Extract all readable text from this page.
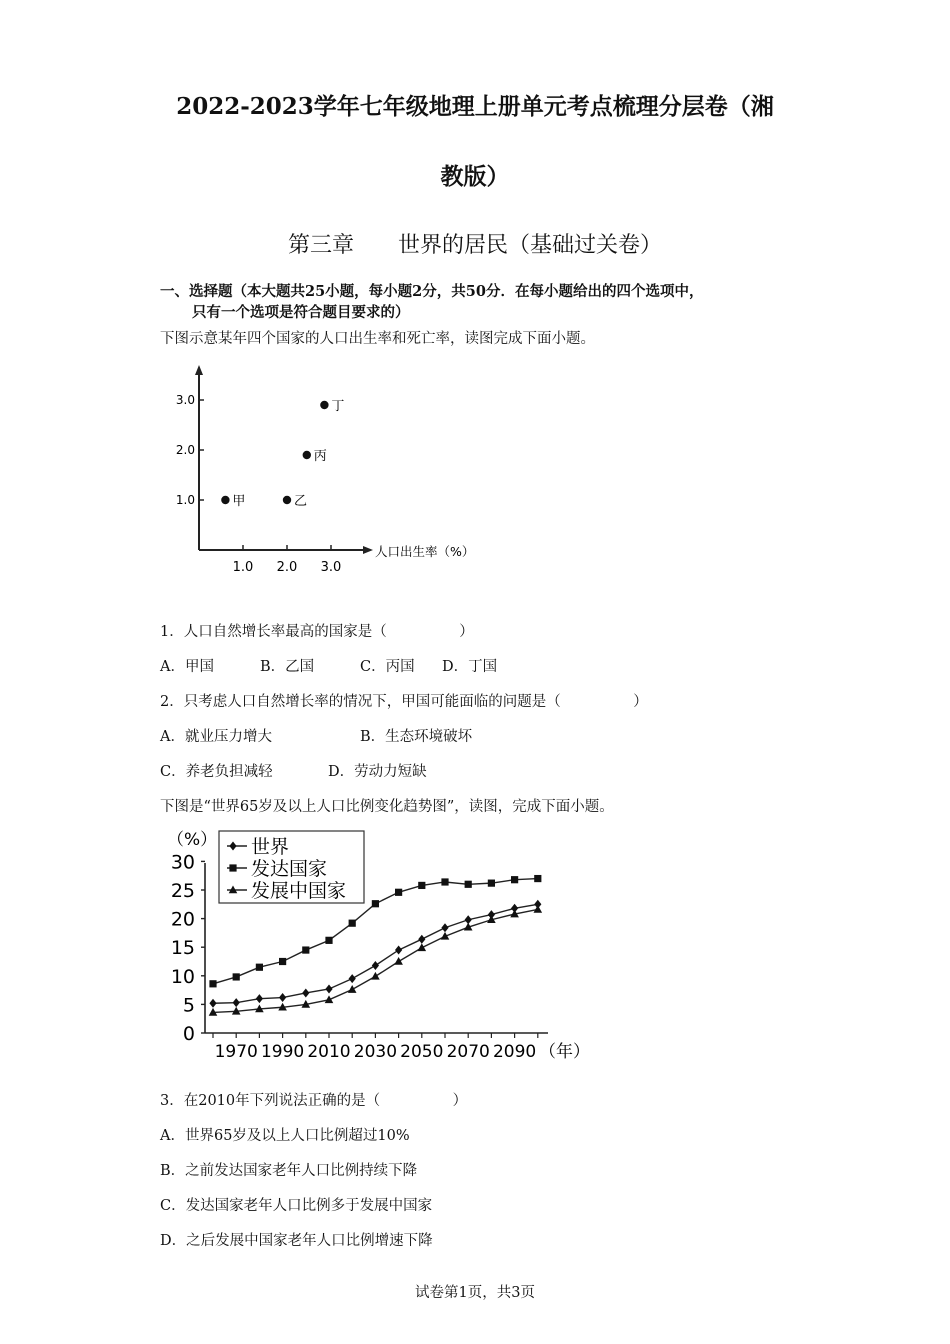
2022-2023学年七年级地理上册单元考点梳理分层卷（湘
教版）
第三章　　世界的居民（基础过关卷）
一、选择题（本大题共25小题，每小题2分，共50分．在每小题给出的四个选项中，
只有一个选项是符合题目要求的）
下图示意某年四个国家的人口出生率和死亡率，读图完成下面小题。
人口出生率（%）
1.0
2.0
3.0
1.0 2.0 3.0
甲	乙
丙
丁
1．人口自然增长率最高的国家是（　　　　　）
A．甲国	B．乙国	C．丙国 D．丁国
2．只考虑人口自然增长率的情况下，甲国可能面临的问题是（　　　　　）
A．就业压力增大	B．生态环境破坏
C．养老负担减轻	D．劳动力短缺
下图是“世界65岁及以上人口比例变化趋势图”，读图，完成下面小题。
（%）
（年）
0
5
10
15
20
25
30
1970 1990 2010 2030 2050 2070 2090
世界
发达国家
发展中国家
3．在2010年下列说法正确的是（　　　　　）
A．世界65岁及以上人口比例超过10%
B．之前发达国家老年人口比例持续下降
C．发达国家老年人口比例多于发展中国家
D．之后发展中国家老年人口比例增速下降
试卷第1页，共3页
